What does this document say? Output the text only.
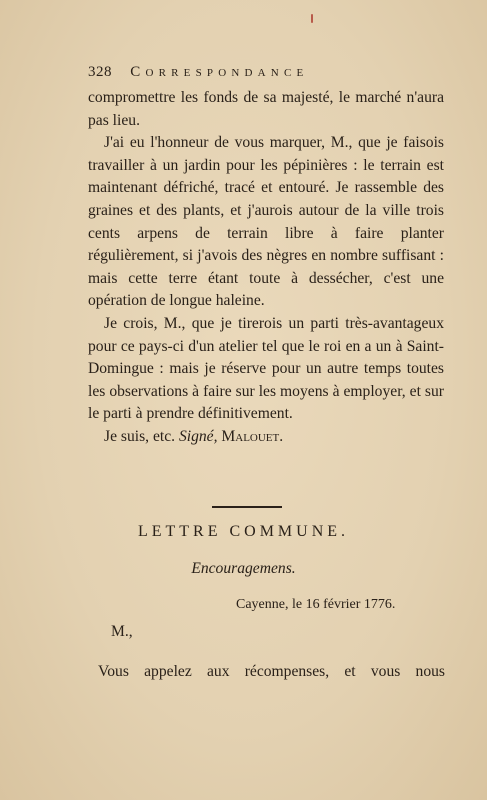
328 Correspondance

compromettre les fonds de sa majesté, le marché n'aura pas lieu.

J'ai eu l'honneur de vous marquer, M., que je faisois travailler à un jardin pour les pépinières : le terrain est maintenant défriché, tracé et entouré. Je rassemble des graines et des plants, et j'aurois autour de la ville trois cents arpens de terrain libre à faire planter régulièrement, si j'avois des nègres en nombre suffisant : mais cette terre étant toute à dessécher, c'est une opération de longue haleine.

Je crois, M., que je tirerois un parti très-avantageux pour ce pays-ci d'un atelier tel que le roi en a un à Saint-Domingue : mais je réserve pour un autre temps toutes les observations à faire sur les moyens à employer, et sur le parti à prendre définitivement.

Je suis, etc. Signé, Malouet.

LETTRE COMMUNE.
Encouragemens.
Cayenne, le 16 février 1776.
M.,
Vous appelez aux récompenses, et vous nous
